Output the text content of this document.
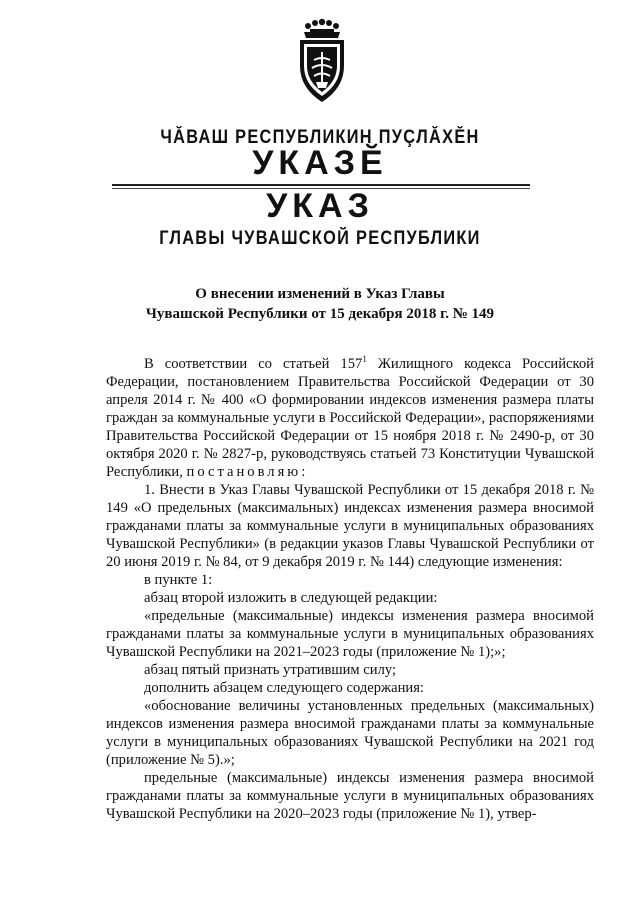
ЧĂВАШ РЕСПУБЛИКИН ПУÇЛĂХĔН
УКАЗĔ
УКАЗ
ГЛАВЫ ЧУВАШСКОЙ РЕСПУБЛИКИ
О внесении изменений в Указ Главы
Чувашской Республики от 15 декабря 2018 г. № 149

В соответствии со статьей $157^1$ Жилищного кодекса Российской Федерации, постановлением Правительства Российской Федерации от 30 апреля 2014 г. № 400 «О формировании индексов изменения размера платы граждан за коммунальные услуги в Российской Федерации», распоряжениями Правительства Российской Федерации от 15 ноября 2018 г. № 2490-р, от 30 октября 2020 г. № 2827-р, руководствуясь статьей 73 Конституции Чувашской Республики, постановляю:

1. Внести в Указ Главы Чувашской Республики от 15 декабря 2018 г. № 149 «О предельных (максимальных) индексах изменения размера вносимой гражданами платы за коммунальные услуги в муниципальных образованиях Чувашской Республики» (в редакции указов Главы Чувашской Республики от 20 июня 2019 г. № 84, от 9 декабря 2019 г. № 144) следующие изменения:

в пункте 1:

абзац второй изложить в следующей редакции:

«предельные (максимальные) индексы изменения размера вносимой гражданами платы за коммунальные услуги в муниципальных образованиях Чувашской Республики на 2021–2023 годы (приложение № 1);»;

абзац пятый признать утратившим силу;

дополнить абзацем следующего содержания:

«обоснование величины установленных предельных (максимальных) индексов изменения размера вносимой гражданами платы за коммунальные услуги в муниципальных образованиях Чувашской Республики на 2021 год (приложение № 5).»;

предельные (максимальные) индексы изменения размера вносимой гражданами платы за коммунальные услуги в муниципальных образованиях Чувашской Республики на 2020–2023 годы (приложение № 1), утвер-
